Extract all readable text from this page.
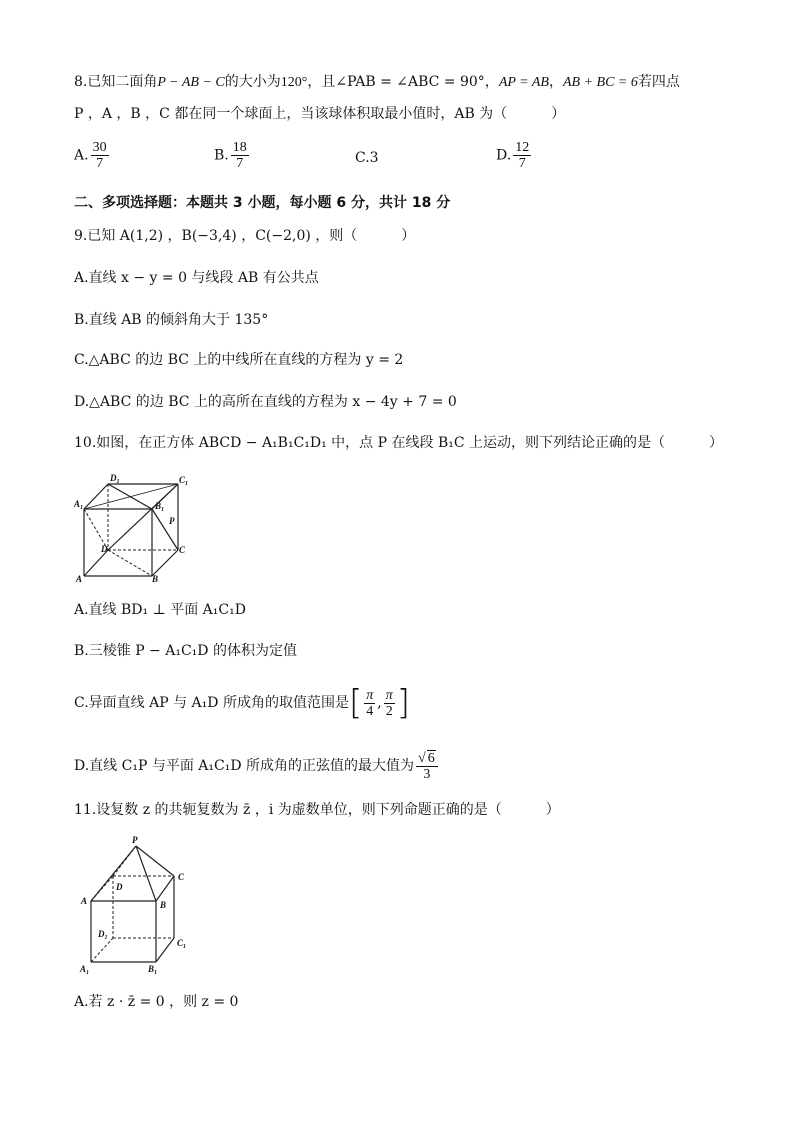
8.已知二面角P − AB − C的大小为120°，且∠PAB = ∠ABC = 90°，AP = AB，AB + BC = 6若四点
P ，A ，B ，C 都在同一个球面上，当该球体积取最小值时，AB 为（	）
A. $\frac{30}{7}$	B. $\frac{18}{7}$	C.3	D. $\frac{12}{7}$
二、多项选择题：本题共 3 小题，每小题 6 分，共计 18 分
9.已知 A(1,2) ，B(−3,4) ，C(−2,0) ，则（	）
A.直线 x − y = 0 与线段 AB 有公共点
B.直线 AB 的倾斜角大于 135°
C.△ABC 的边 BC 上的中线所在直线的方程为 y = 2
D.△ABC 的边 BC 上的高所在直线的方程为 x − 4y + 7 = 0
10.如图，在正方体 ABCD − A₁B₁C₁D₁ 中，点 P 在线段 B₁C 上运动，则下列结论正确的是（	）
$D_1$	$C_1$
$A_1$	$B_1$
P
D	C
A	B
A.直线 BD₁ ⊥ 平面 A₁C₁D
B.三棱锥 P − A₁C₁D 的体积为定值
C.异面直线 AP 与 A₁D 所成角的取值范围是 [ $\frac{\pi}{4}$ , $\frac{\pi}{2}$ ]
D.直线 C₁P 与平面 A₁C₁D 所成角的正弦值的最大值为 $\frac{√ 6}{3}$
11.设复数 z 的共轭复数为 z̄ ，i 为虚数单位，则下列命题正确的是（	）
P
D
C
A	B
$D_1$	$C_1$
$A_1$	$B_1$
A.若 z · z̄ = 0 ，则 z = 0
